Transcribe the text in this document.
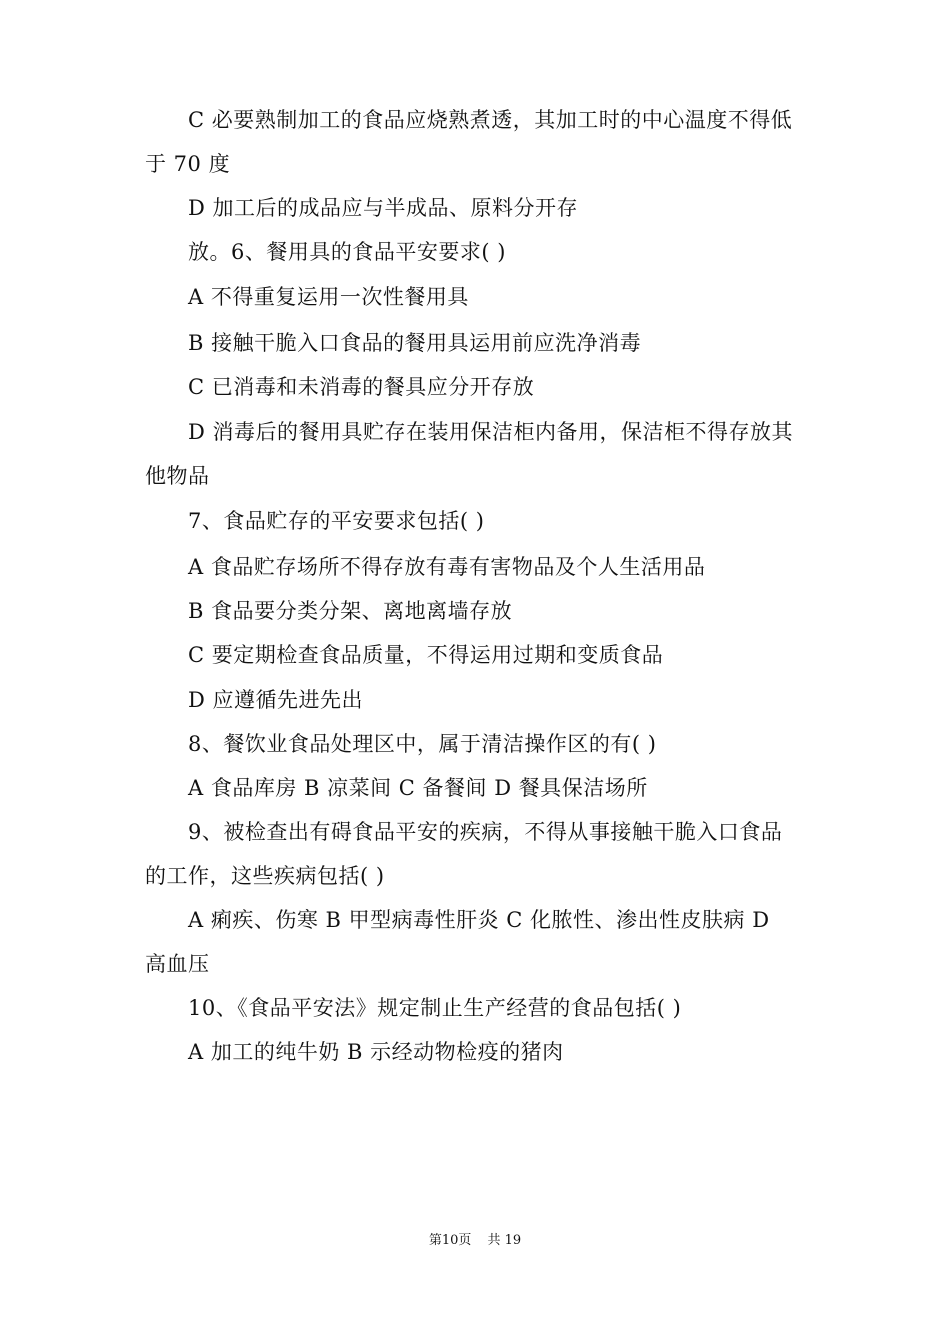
C 必要熟制加工的食品应烧熟煮透，其加工时的中心温度不得低
于 70 度
D 加工后的成品应与半成品、原料分开存
放。6、餐用具的食品平安要求( )
A 不得重复运用一次性餐用具
B 接触干脆入口食品的餐用具运用前应洗净消毒
C 已消毒和未消毒的餐具应分开存放
D 消毒后的餐用具贮存在装用保洁柜内备用，保洁柜不得存放其
他物品
7、食品贮存的平安要求包括( )
A 食品贮存场所不得存放有毒有害物品及个人生活用品
B 食品要分类分架、离地离墙存放
C 要定期检查食品质量，不得运用过期和变质食品
D 应遵循先进先出
8、餐饮业食品处理区中，属于清洁操作区的有( )
A 食品库房 B 凉菜间 C 备餐间 D 餐具保洁场所
9、被检查出有碍食品平安的疾病，不得从事接触干脆入口食品
的工作，这些疾病包括( )
A 痢疾、伤寒 B 甲型病毒性肝炎 C 化脓性、渗出性皮肤病 D
高血压
10、《食品平安法》规定制止生产经营的食品包括( )
A 加工的纯牛奶 B 示经动物检疫的猪肉
第10页 共 19
